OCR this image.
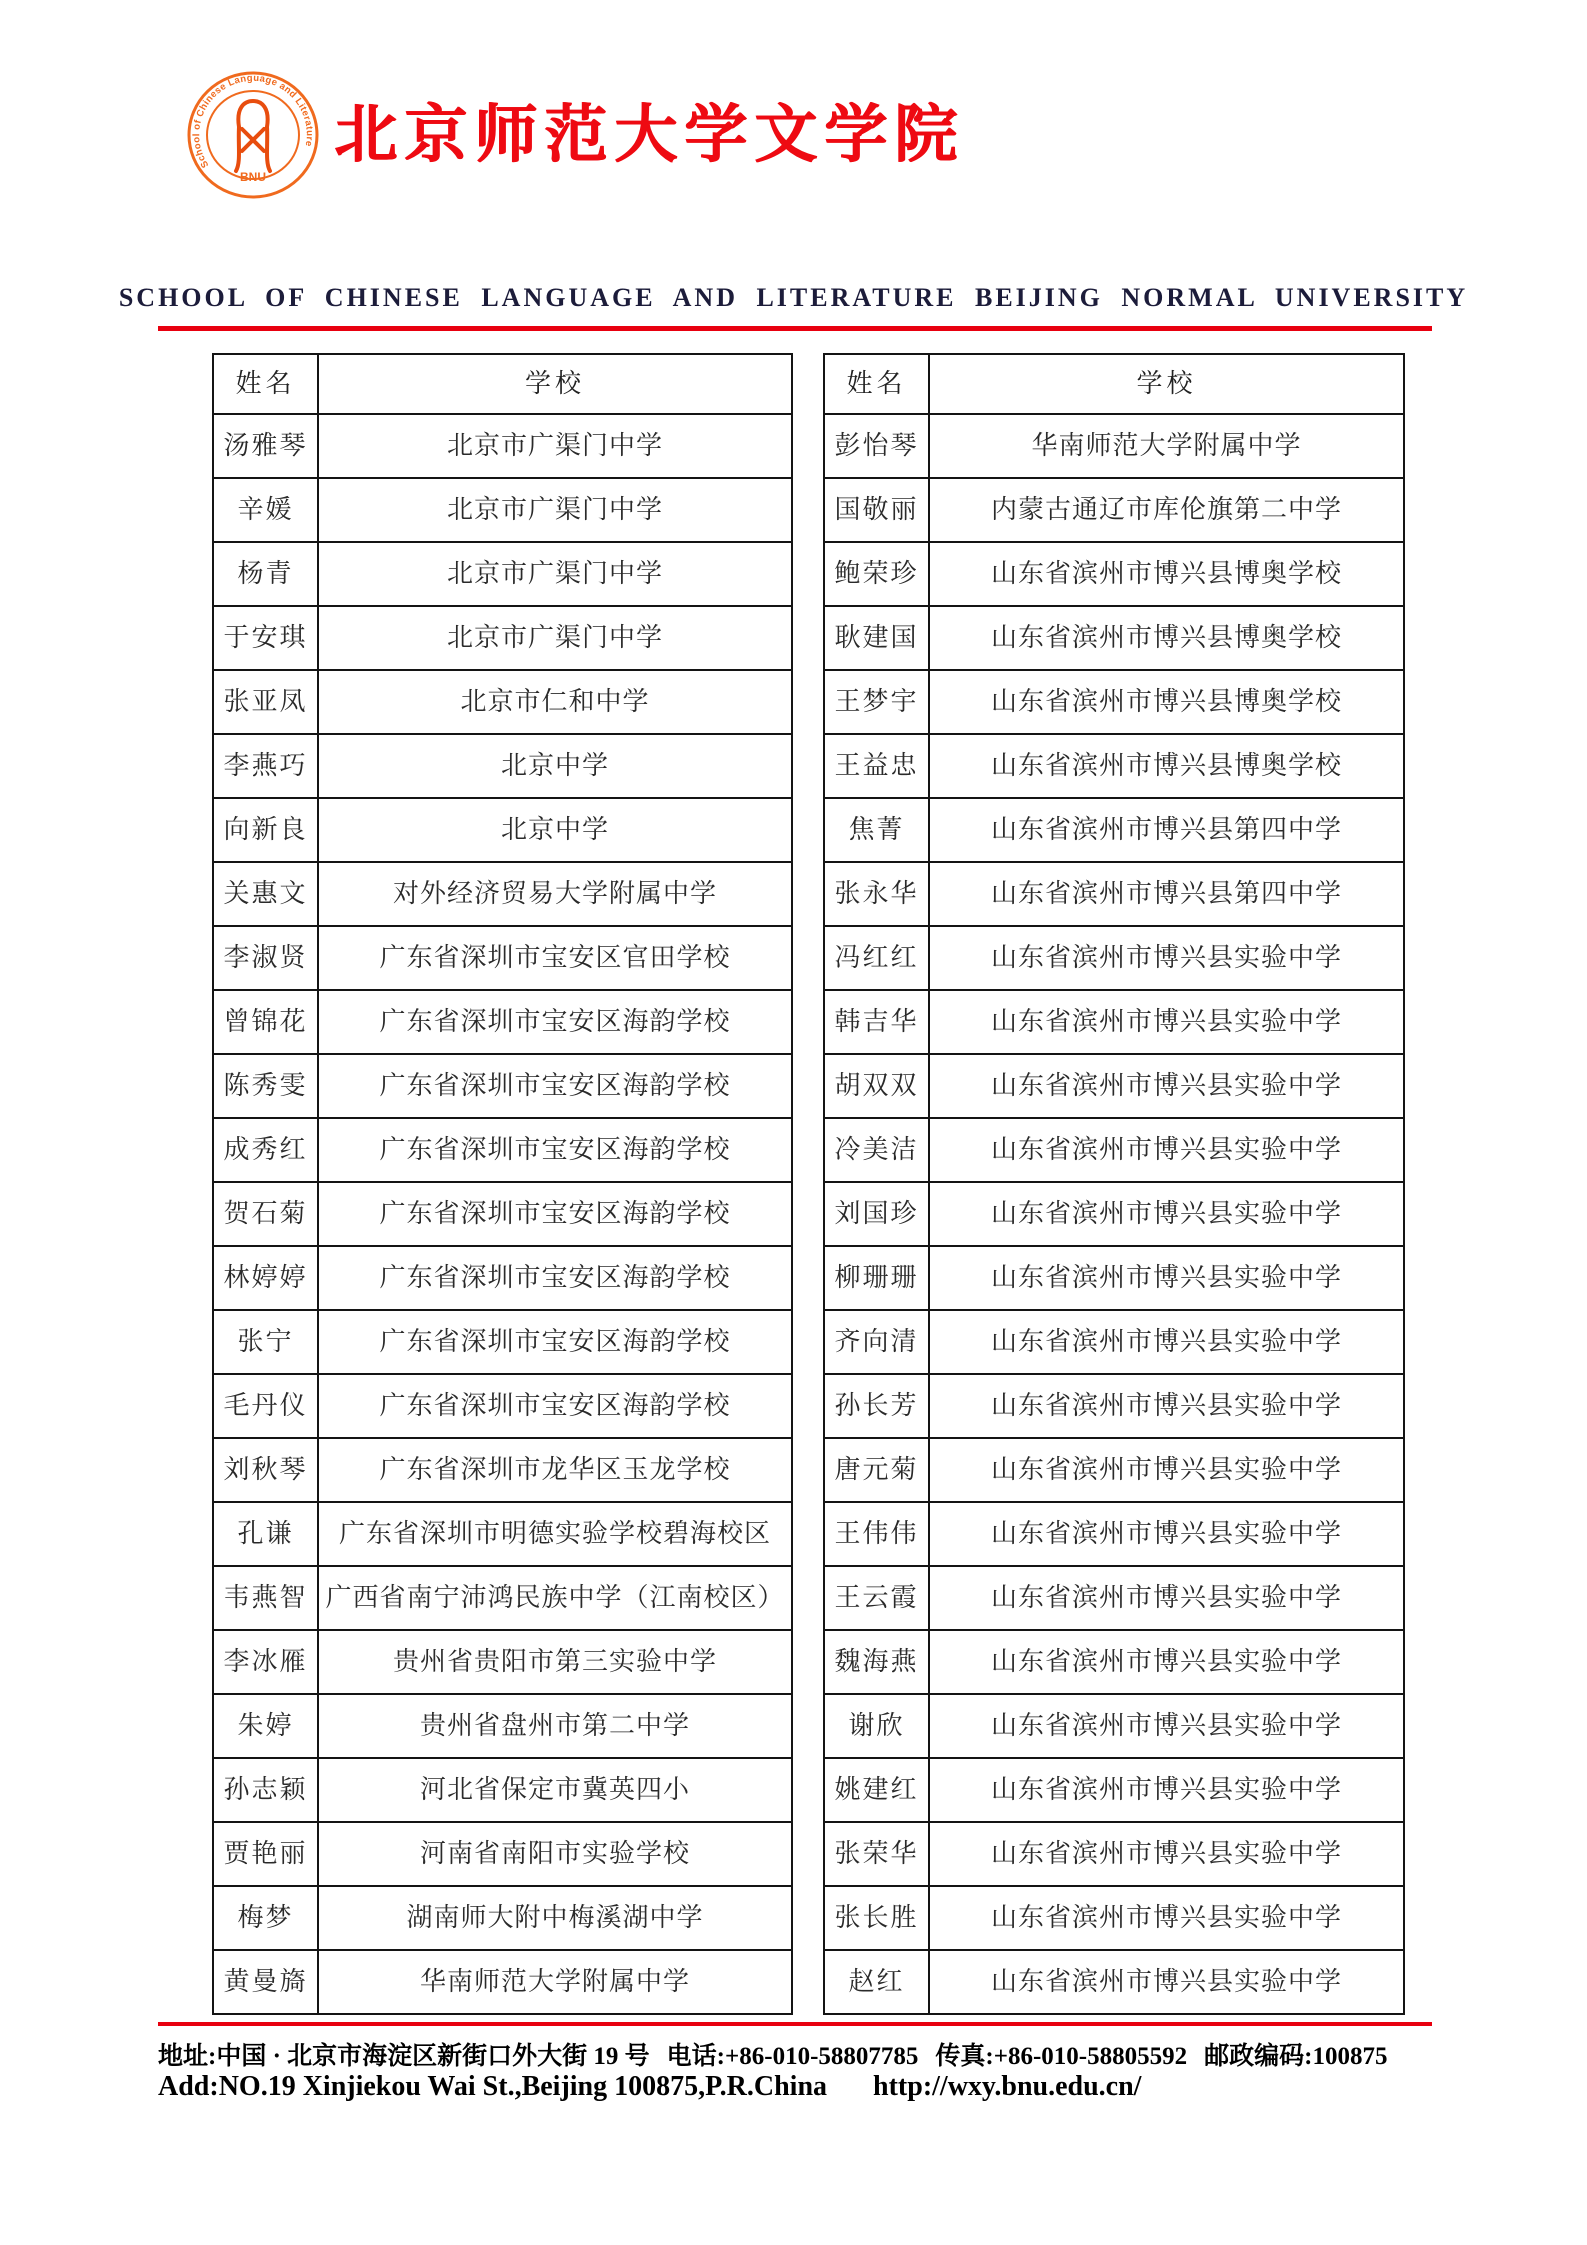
School of Chinese Language and Literature
BNU
北京师范大学文学院
SCHOOL OF CHINESE LANGUAGE AND LITERATURE BEIJING NORMAL UNIVERSITY
姓名	学校
汤雅琴	北京市广渠门中学
辛媛	北京市广渠门中学
杨青	北京市广渠门中学
于安琪	北京市广渠门中学
张亚凤	北京市仁和中学
李燕巧	北京中学
向新良	北京中学
关惠文	对外经济贸易大学附属中学
李淑贤	广东省深圳市宝安区官田学校
曾锦花	广东省深圳市宝安区海韵学校
陈秀雯	广东省深圳市宝安区海韵学校
成秀红	广东省深圳市宝安区海韵学校
贺石菊	广东省深圳市宝安区海韵学校
林婷婷	广东省深圳市宝安区海韵学校
张宁	广东省深圳市宝安区海韵学校
毛丹仪	广东省深圳市宝安区海韵学校
刘秋琴	广东省深圳市龙华区玉龙学校
孔谦	广东省深圳市明德实验学校碧海校区
韦燕智 广西省南宁沛鸿民族中学（江南校区）
李冰雁	贵州省贵阳市第三实验中学
朱婷	贵州省盘州市第二中学
孙志颖	河北省保定市冀英四小
贾艳丽	河南省南阳市实验学校
梅梦	湖南师大附中梅溪湖中学
黄曼旖	华南师范大学附属中学
姓名	学校
彭怡琴	华南师范大学附属中学
国敬丽	内蒙古通辽市库伦旗第二中学
鲍荣珍	山东省滨州市博兴县博奥学校
耿建国	山东省滨州市博兴县博奥学校
王梦宇	山东省滨州市博兴县博奥学校
王益忠	山东省滨州市博兴县博奥学校
焦菁	山东省滨州市博兴县第四中学
张永华	山东省滨州市博兴县第四中学
冯红红	山东省滨州市博兴县实验中学
韩吉华	山东省滨州市博兴县实验中学
胡双双	山东省滨州市博兴县实验中学
冷美洁	山东省滨州市博兴县实验中学
刘国珍	山东省滨州市博兴县实验中学
柳珊珊	山东省滨州市博兴县实验中学
齐向清	山东省滨州市博兴县实验中学
孙长芳	山东省滨州市博兴县实验中学
唐元菊	山东省滨州市博兴县实验中学
王伟伟	山东省滨州市博兴县实验中学
王云霞	山东省滨州市博兴县实验中学
魏海燕	山东省滨州市博兴县实验中学
谢欣	山东省滨州市博兴县实验中学
姚建红	山东省滨州市博兴县实验中学
张荣华	山东省滨州市博兴县实验中学
张长胜	山东省滨州市博兴县实验中学
赵红	山东省滨州市博兴县实验中学
地址:中国 · 北京市海淀区新街口外大街 19 号 电话:+86-010-58807785 传真:+86-010-58805592 邮政编码:100875
Add:NO.19 Xinjiekou Wai St.,Beijing 100875,P.R.China http://wxy.bnu.edu.cn/
